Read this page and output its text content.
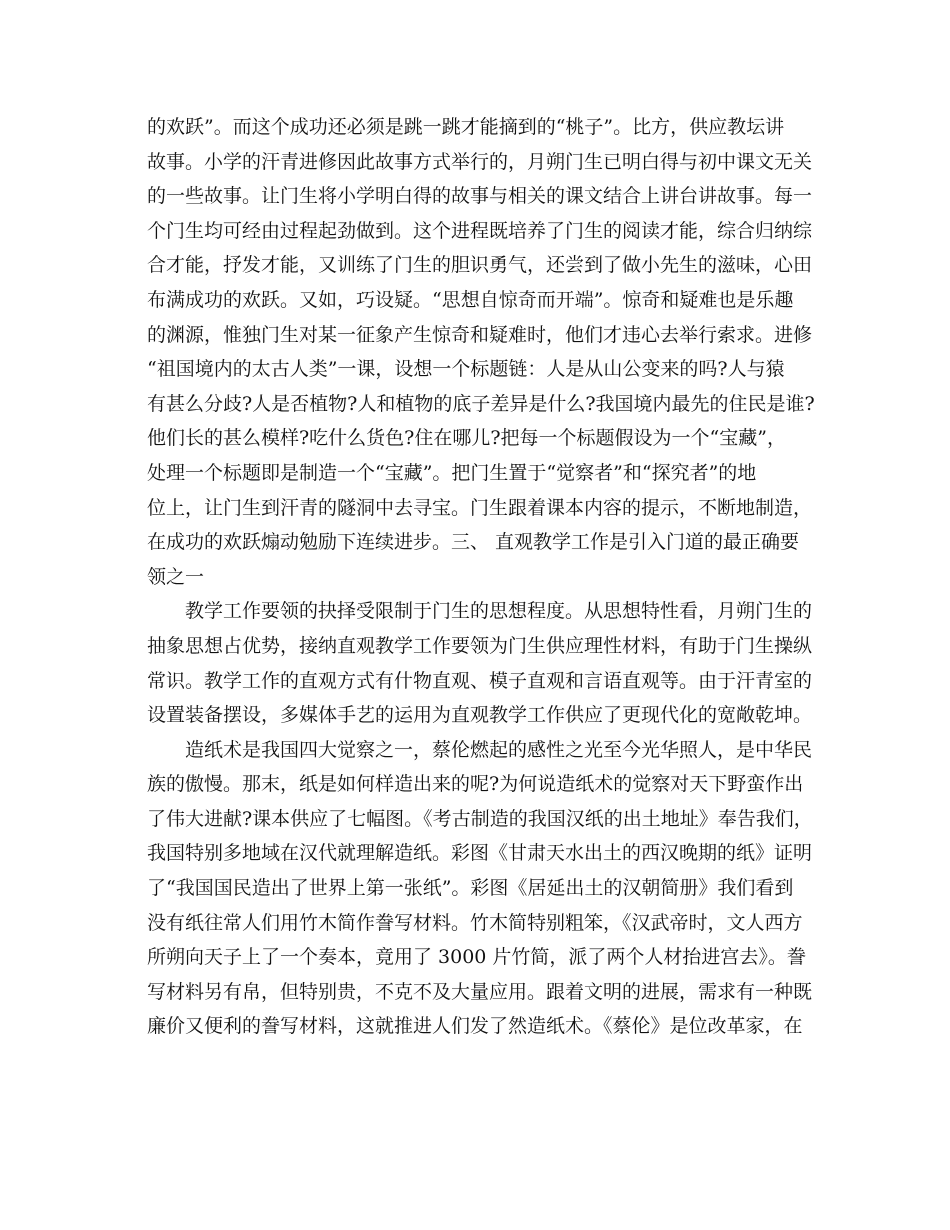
的欢跃”。而这个成功还必须是跳一跳才能摘到的“桃子”。比方，供应教坛讲
故事。小学的汗青进修因此故事方式举行的，月朔门生已明白得与初中课文无关
的一些故事。让门生将小学明白得的故事与相关的课文结合上讲台讲故事。每一
个门生均可经由过程起劲做到。这个进程既培养了门生的阅读才能，综合归纳综
合才能，抒发才能，又训练了门生的胆识勇气，还尝到了做小先生的滋味，心田
布满成功的欢跃。又如，巧设疑。“思想自惊奇而开端”。惊奇和疑难也是乐趣
的渊源，惟独门生对某一征象产生惊奇和疑难时，他们才违心去举行索求。进修
“祖国境内的太古人类”一课，设想一个标题链：人是从山公变来的吗?人与猿
有甚么分歧?人是否植物?人和植物的底子差异是什么?我国境内最先的住民是谁?
他们长的甚么模样?吃什么货色?住在哪儿?把每一个标题假设为一个“宝藏”，
处理一个标题即是制造一个“宝藏”。把门生置于“觉察者”和“探究者”的地
位上，让门生到汗青的隧洞中去寻宝。门生跟着课本内容的提示，不断地制造，
在成功的欢跃煽动勉励下连续进步。三、 直观教学工作是引入门道的最正确要
领之一
教学工作要领的抉择受限制于门生的思想程度。从思想特性看，月朔门生的
抽象思想占优势，接纳直观教学工作要领为门生供应理性材料，有助于门生操纵
常识。教学工作的直观方式有什物直观、模子直观和言语直观等。由于汗青室的
设置装备摆设，多媒体手艺的运用为直观教学工作供应了更现代化的宽敞乾坤。
造纸术是我国四大觉察之一，蔡伦燃起的感性之光至今光华照人，是中华民
族的傲慢。那末，纸是如何样造出来的呢?为何说造纸术的觉察对天下野蛮作出
了伟大进献?课本供应了七幅图。《考古制造的我国汉纸的出土地址》奉告我们，
我国特别多地域在汉代就理解造纸。彩图《甘肃天水出土的西汉晚期的纸》证明
了“我国国民造出了世界上第一张纸”。彩图《居延出土的汉朝简册》我们看到
没有纸往常人们用竹木简作誊写材料。竹木简特别粗笨，《汉武帝时，文人西方
所朔向天子上了一个奏本，竟用了 3000 片竹简，派了两个人材抬进宫去》。誊
写材料另有帛，但特别贵，不克不及大量应用。跟着文明的进展，需求有一种既
廉价又便利的誊写材料，这就推进人们发了然造纸术。《蔡伦》是位改革家，在
